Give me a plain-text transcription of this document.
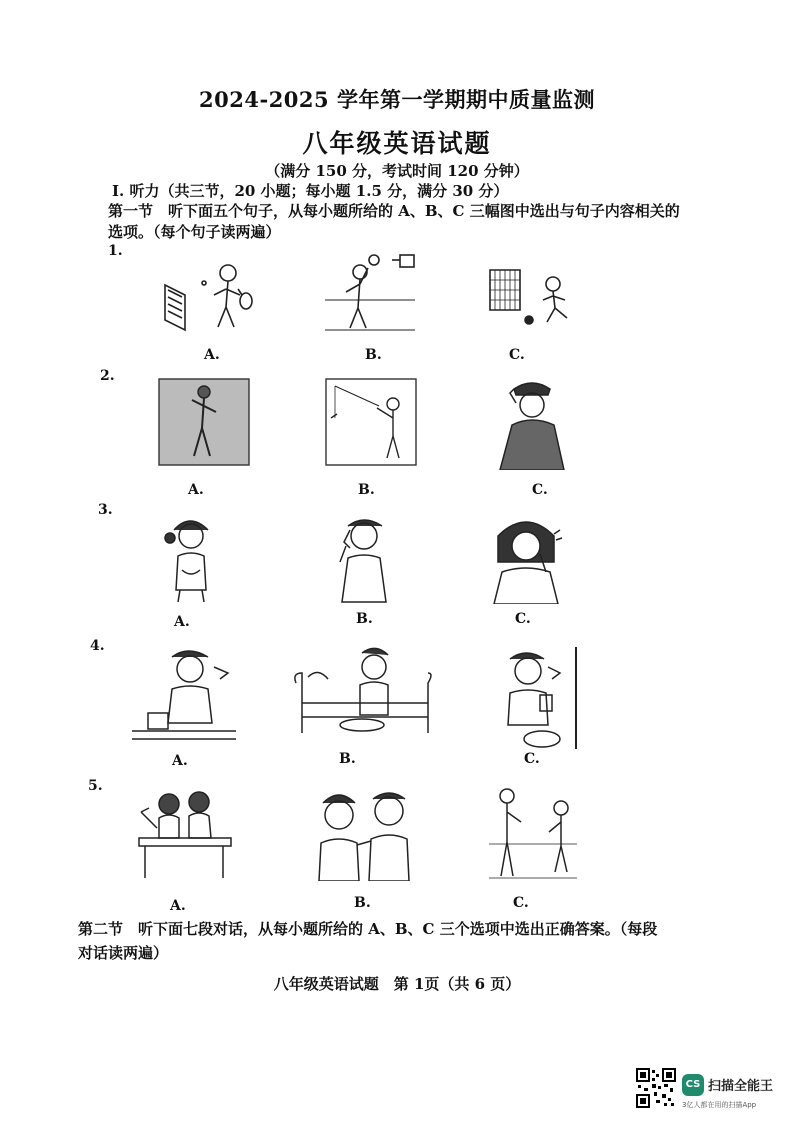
2024-2025 学年第一学期期中质量监测
八年级英语试题
（满分 150 分，考试时间 120 分钟）
Ⅰ. 听力（共三节，20 小题；每小题 1.5 分，满分 30 分）
第一节　听下面五个句子，从每小题所给的 A、B、C 三幅图中选出与句子内容相关的
选项。（每个句子读两遍）
1.
A.	B.	C.
2.
A.	B.	C.
3.
A.	B.	C.
4.
A.	B.	C.
5.
A.	B.	C.
第二节　听下面七段对话，从每小题所给的 A、B、C 三个选项中选出正确答案。（每段
对话读两遍）
八年级英语试题　第 1页（共 6 页）
CS 扫描全能王
3亿人都在用的扫描App
